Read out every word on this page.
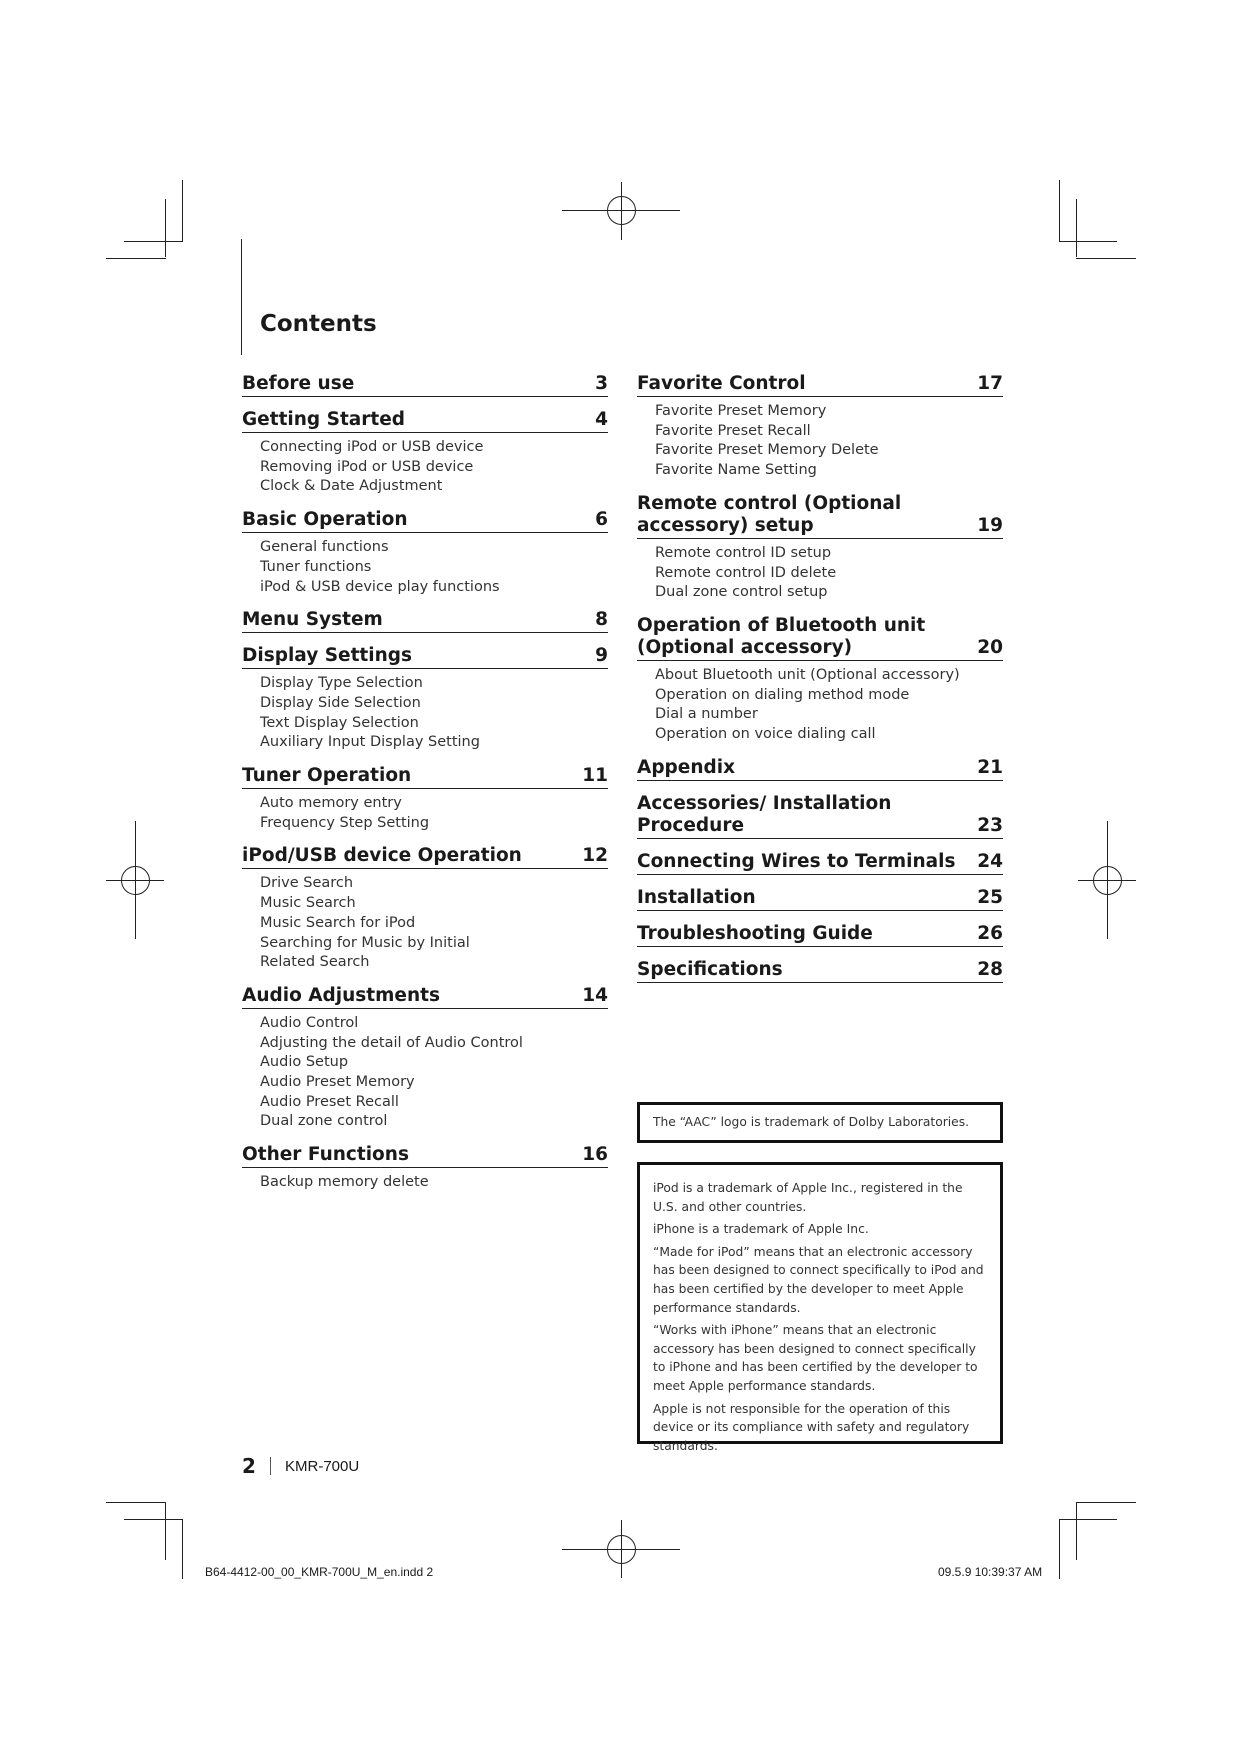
Contents
Before use	3
Getting Started	4
Connecting iPod or USB device
Removing iPod or USB device
Clock & Date Adjustment
Basic Operation	6
General functions
Tuner functions
iPod & USB device play functions
Menu System	8
Display Settings	9
Display Type Selection
Display Side Selection
Text Display Selection
Auxiliary Input Display Setting
Tuner Operation	11
Auto memory entry
Frequency Step Setting
iPod/USB device Operation	12
Drive Search
Music Search
Music Search for iPod
Searching for Music by Initial
Related Search
Audio Adjustments	14
Audio Control
Adjusting the detail of Audio Control
Audio Setup
Audio Preset Memory
Audio Preset Recall
Dual zone control
Other Functions	16
Backup memory delete
Favorite Control	17
Favorite Preset Memory
Favorite Preset Recall
Favorite Preset Memory Delete
Favorite Name Setting
Remote control (Optional accessory) setup	19
Remote control ID setup
Remote control ID delete
Dual zone control setup
Operation of Bluetooth unit (Optional accessory)	20
About Bluetooth unit (Optional accessory)
Operation on dialing method mode
Dial a number
Operation on voice dialing call
Appendix	21
Accessories/ Installation Procedure	23
Connecting Wires to Terminals	24
Installation	25
Troubleshooting Guide	26
Specifications	28
The “AAC” logo is trademark of Dolby Laboratories.

iPod is a trademark of Apple Inc., registered in the U.S. and other countries.

iPhone is a trademark of Apple Inc.

“Made for iPod” means that an electronic accessory has been designed to connect specifically to iPod and has been certified by the developer to meet Apple performance standards.

“Works with iPhone” means that an electronic accessory has been designed to connect specifically to iPhone and has been certified by the developer to meet Apple performance standards.

Apple is not responsible for the operation of this device or its compliance with safety and regulatory standards.

2 KMR-700U
B64-4412-00_00_KMR-700U_M_en.indd 2	09.5.9 10:39:37 AM
